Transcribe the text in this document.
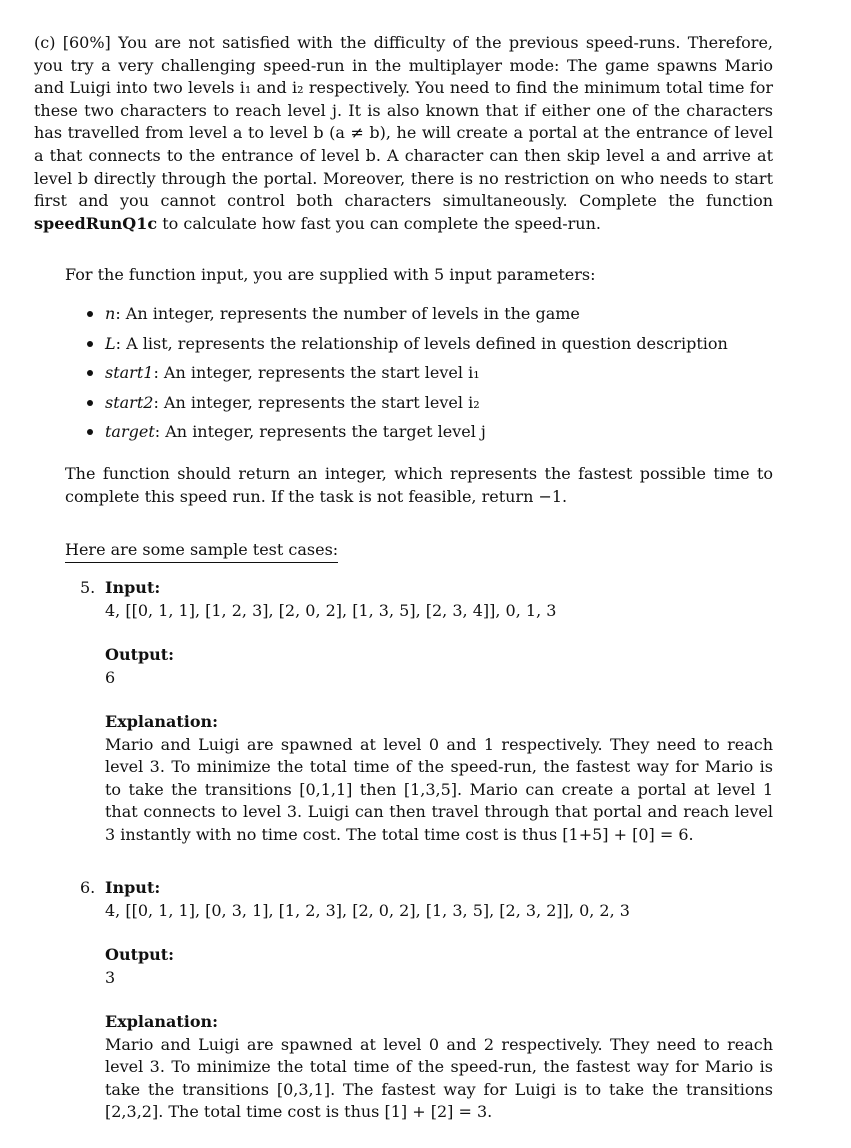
(c) [60%] You are not satisfied with the difficulty of the previous speed-runs. Therefore, you try a very challenging speed-run in the multiplayer mode: The game spawns Mario and Luigi into two levels i₁ and i₂ respectively. You need to find the minimum total time for these two characters to reach level j. It is also known that if either one of the characters has travelled from level a to level b (a ≠ b), he will create a portal at the entrance of level a that connects to the entrance of level b. A character can then skip level a and arrive at level b directly through the portal. Moreover, there is no restriction on who needs to start first and you cannot control both characters simultaneously. Complete the function speedRunQ1c to calculate how fast you can complete the speed-run.
For the function input, you are supplied with 5 input parameters:
n: An integer, represents the number of levels in the game
L: A list, represents the relationship of levels defined in question description
start1: An integer, represents the start level i₁
start2: An integer, represents the start level i₂
target: An integer, represents the target level j
The function should return an integer, which represents the fastest possible time to complete this speed run. If the task is not feasible, return −1.
Here are some sample test cases:
5. Input:
4, [[0, 1, 1], [1, 2, 3], [2, 0, 2], [1, 3, 5], [2, 3, 4]], 0, 1, 3
Output:
6
Explanation:
Mario and Luigi are spawned at level 0 and 1 respectively. They need to reach level 3. To minimize the total time of the speed-run, the fastest way for Mario is to take the transitions [0,1,1] then [1,3,5]. Mario can create a portal at level 1 that connects to level 3. Luigi can then travel through that portal and reach level 3 instantly with no time cost. The total time cost is thus [1+5] + [0] = 6.
6. Input:
4, [[0, 1, 1], [0, 3, 1], [1, 2, 3], [2, 0, 2], [1, 3, 5], [2, 3, 2]], 0, 2, 3
Output:
3
Explanation:
Mario and Luigi are spawned at level 0 and 2 respectively. They need to reach level 3. To minimize the total time of the speed-run, the fastest way for Mario is take the transitions [0,3,1]. The fastest way for Luigi is to take the transitions [2,3,2]. The total time cost is thus [1] + [2] = 3.
